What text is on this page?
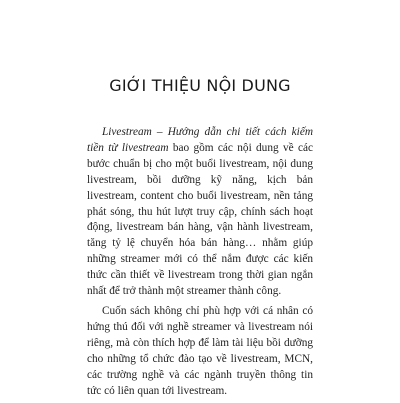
GIỚI THIỆU NỘI DUNG

Livestream – Hướng dẫn chi tiết cách kiếm tiền từ livestream bao gồm các nội dung về các bước chuẩn bị cho một buổi livestream, nội dung livestream, bồi dưỡng kỹ năng, kịch bản livestream, content cho buổi livestream, nền tảng phát sóng, thu hút lượt truy cập, chính sách hoạt động, livestream bán hàng, vận hành livestream, tăng tỷ lệ chuyển hóa bán hàng… nhằm giúp những streamer mới có thể nắm được các kiến thức cần thiết về livestream trong thời gian ngắn nhất để trở thành một streamer thành công.

Cuốn sách không chỉ phù hợp với cá nhân có hứng thú đối với nghề streamer và livestream nói riêng, mà còn thích hợp để làm tài liệu bồi dưỡng cho những tổ chức đào tạo về livestream, MCN, các trường nghề và các ngành truyền thông tin tức có liên quan tới livestream.
